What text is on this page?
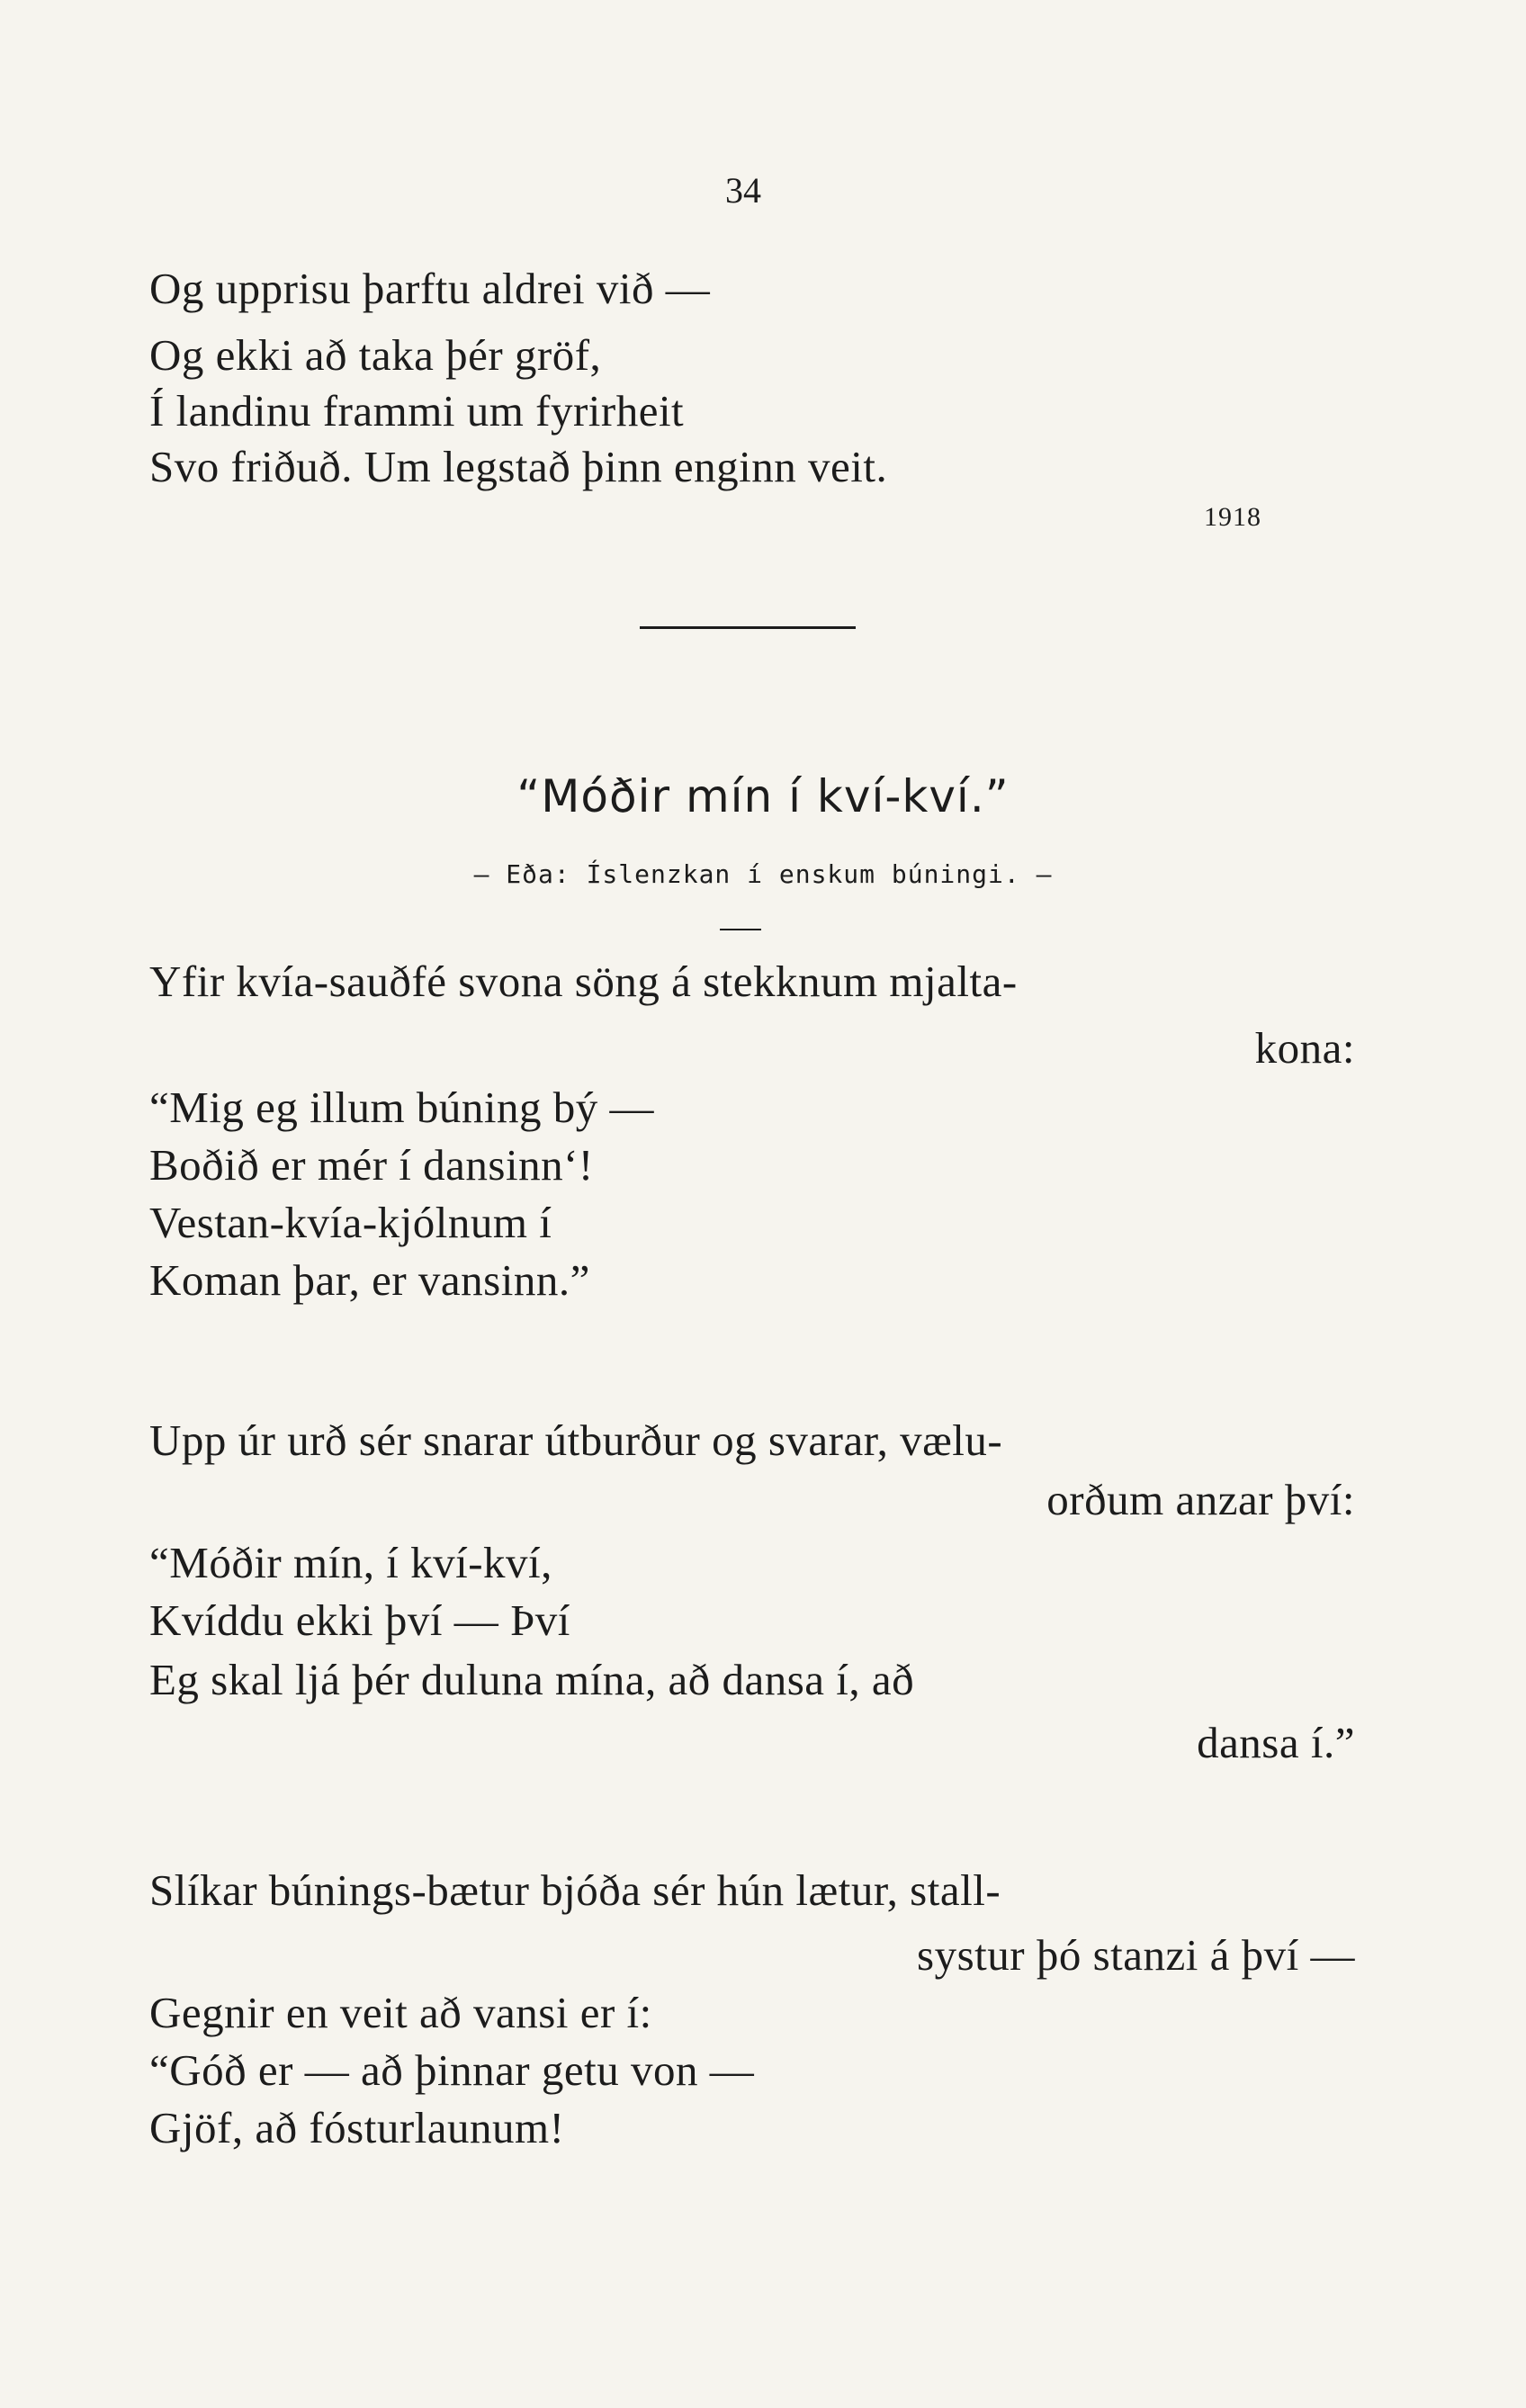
34
Og upprisu þarftu aldrei við —
Og ekki að taka þér gröf,
Í landinu frammi um fyrirheit
Svo friðuð. Um legstað þinn enginn veit.
1918
“Móðir mín í kví-kví.”
— Eða: Íslenzkan í enskum búningi. —
Yfir kvía-sauðfé svona söng á stekknum mjalta-
kona:
“Mig eg illum búning bý —
Boðið er mér í dansinn‘!
Vestan-kvía-kjólnum í
Koman þar, er vansinn.”
Upp úr urð sér snarar útburður og svarar, vælu-
orðum anzar því:
“Móðir mín, í kví-kví,
Kvíddu ekki því — Því
Eg skal ljá þér duluna mína, að dansa í, að
dansa í.”
Slíkar búnings-bætur bjóða sér hún lætur, stall-
systur þó stanzi á því —
Gegnir en veit að vansi er í:
“Góð er — að þinnar getu von —
Gjöf, að fósturlaunum!
